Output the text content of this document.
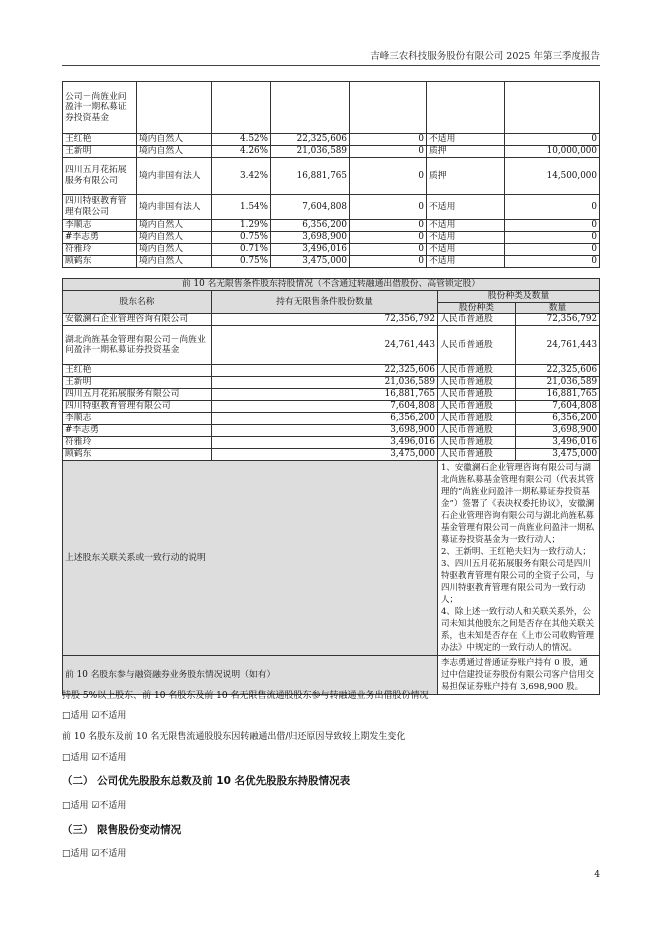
吉峰三农科技服务股份有限公司 2025 年第三季度报告
公司－尚旌业问盈沣一期私募证券投资基金						
王红艳	境内自然人	4.52%	22,325,606	0	不适用	0
王新明	境内自然人	4.26%	21,036,589	0	质押	10,000,000
四川五月花拓展服务有限公司	境内非国有法人	3.42%	16,881,765	0	质押	14,500,000
四川特驱教育管理有限公司	境内非国有法人	1.54%	7,604,808	0	不适用	0
李顺志	境内自然人	1.29%	6,356,200	0	不适用	0
#李志勇	境内自然人	0.75%	3,698,900	0	不适用	0
符雅玲	境内自然人	0.71%	3,496,016	0	不适用	0
顾鹤东	境内自然人	0.75%	3,475,000	0	不适用	0
前 10 名无限售条件股东持股情况（不含通过转融通出借股份、高管锁定股）			
股东名称	持有无限售条件股份数量	股份种类及数量	
		股份种类	数量
安徽澜石企业管理咨询有限公司	72,356,792	人民币普通股	72,356,792
湖北尚旌基金管理有限公司－尚旌业问盈沣一期私募证券投资基金	24,761,443	人民币普通股	24,761,443
王红艳	22,325,606	人民币普通股	22,325,606
王新明	21,036,589	人民币普通股	21,036,589
四川五月花拓展服务有限公司	16,881,765	人民币普通股	16,881,765
四川特驱教育管理有限公司	7,604,808	人民币普通股	7,604,808
李顺志	6,356,200	人民币普通股	6,356,200
#李志勇	3,698,900	人民币普通股	3,698,900
符雅玲	3,496,016	人民币普通股	3,496,016
顾鹤东	3,475,000	人民币普通股	3,475,000
上述股东关联关系或一致行动的说明		1、安徽澜石企业管理咨询有限公司与湖北尚旌私募基金管理有限公司（代表其管理的“尚旌业问盈沣一期私募证券投资基金”）签署了《表决权委托协议》，安徽澜石企业管理咨询有限公司与湖北尚旌私募基金管理有限公司－尚旌业问盈沣一期私募证券投资基金为一致行动人；
2、王新明、王红艳夫妇为一致行动人；
3、四川五月花拓展服务有限公司是四川特驱教育管理有限公司的全资子公司，与四川特驱教育管理有限公司为一致行动人；
4、除上述一致行动人和关联关系外，公司未知其他股东之间是否存在其他关联关系，也未知是否存在《上市公司收购管理办法》中规定的一致行动人的情况。	

前 10 名股东参与融资融券业务股东情况说明（如有）		李志勇通过普通证券账户持有 0 股，通过中信建投证券股份有限公司客户信用交易担保证券账户持有 3,698,900 股。	
持股 5%以上股东、前 10 名股东及前 10 名无限售流通股股东参与转融通业务出借股份情况
□适用 ☑不适用
前 10 名股东及前 10 名无限售流通股股东因转融通出借/归还原因导致较上期发生变化
□适用 ☑不适用
（二） 公司优先股股东总数及前 10 名优先股股东持股情况表
□适用 ☑不适用
（三） 限售股份变动情况
□适用 ☑不适用
4
